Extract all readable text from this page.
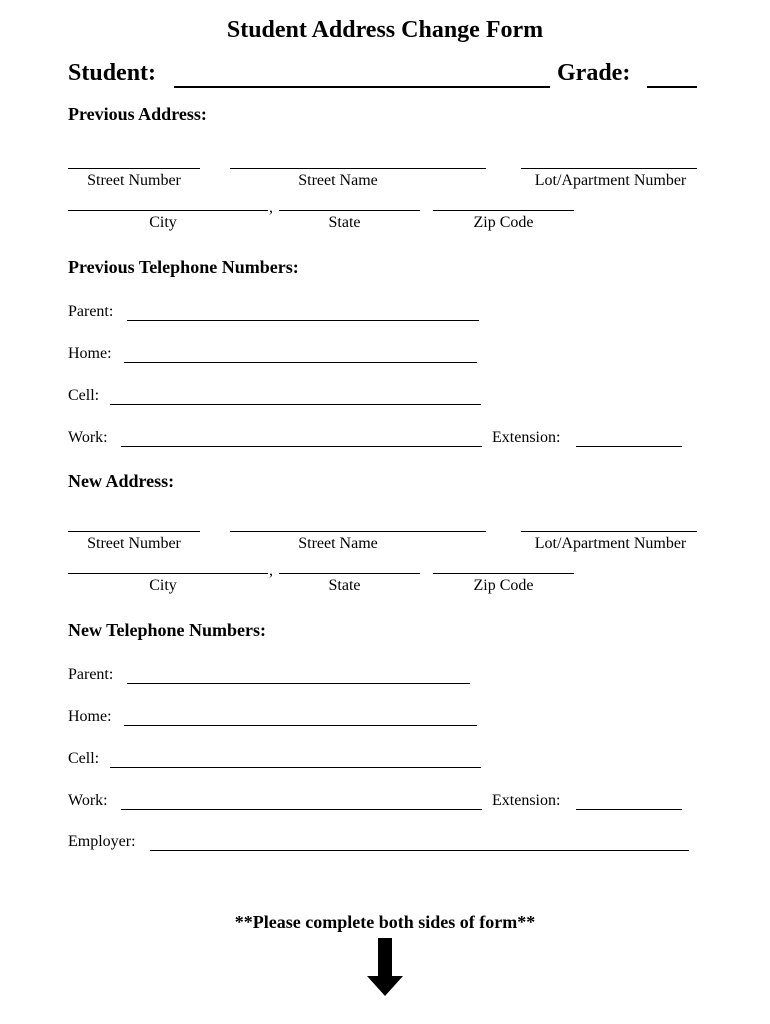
Student Address Change Form
Student:	Grade:
Previous Address:
Street Number	Street Name	Lot/Apartment Number
,
City	State	Zip Code
Previous Telephone Numbers:
Parent:
Home:
Cell:
Work:	Extension:
New Address:
Street Number	Street Name	Lot/Apartment Number
,
City	State	Zip Code
New Telephone Numbers:
Parent:
Home:
Cell:
Work:	Extension:
Employer:
**Please complete both sides of form**
